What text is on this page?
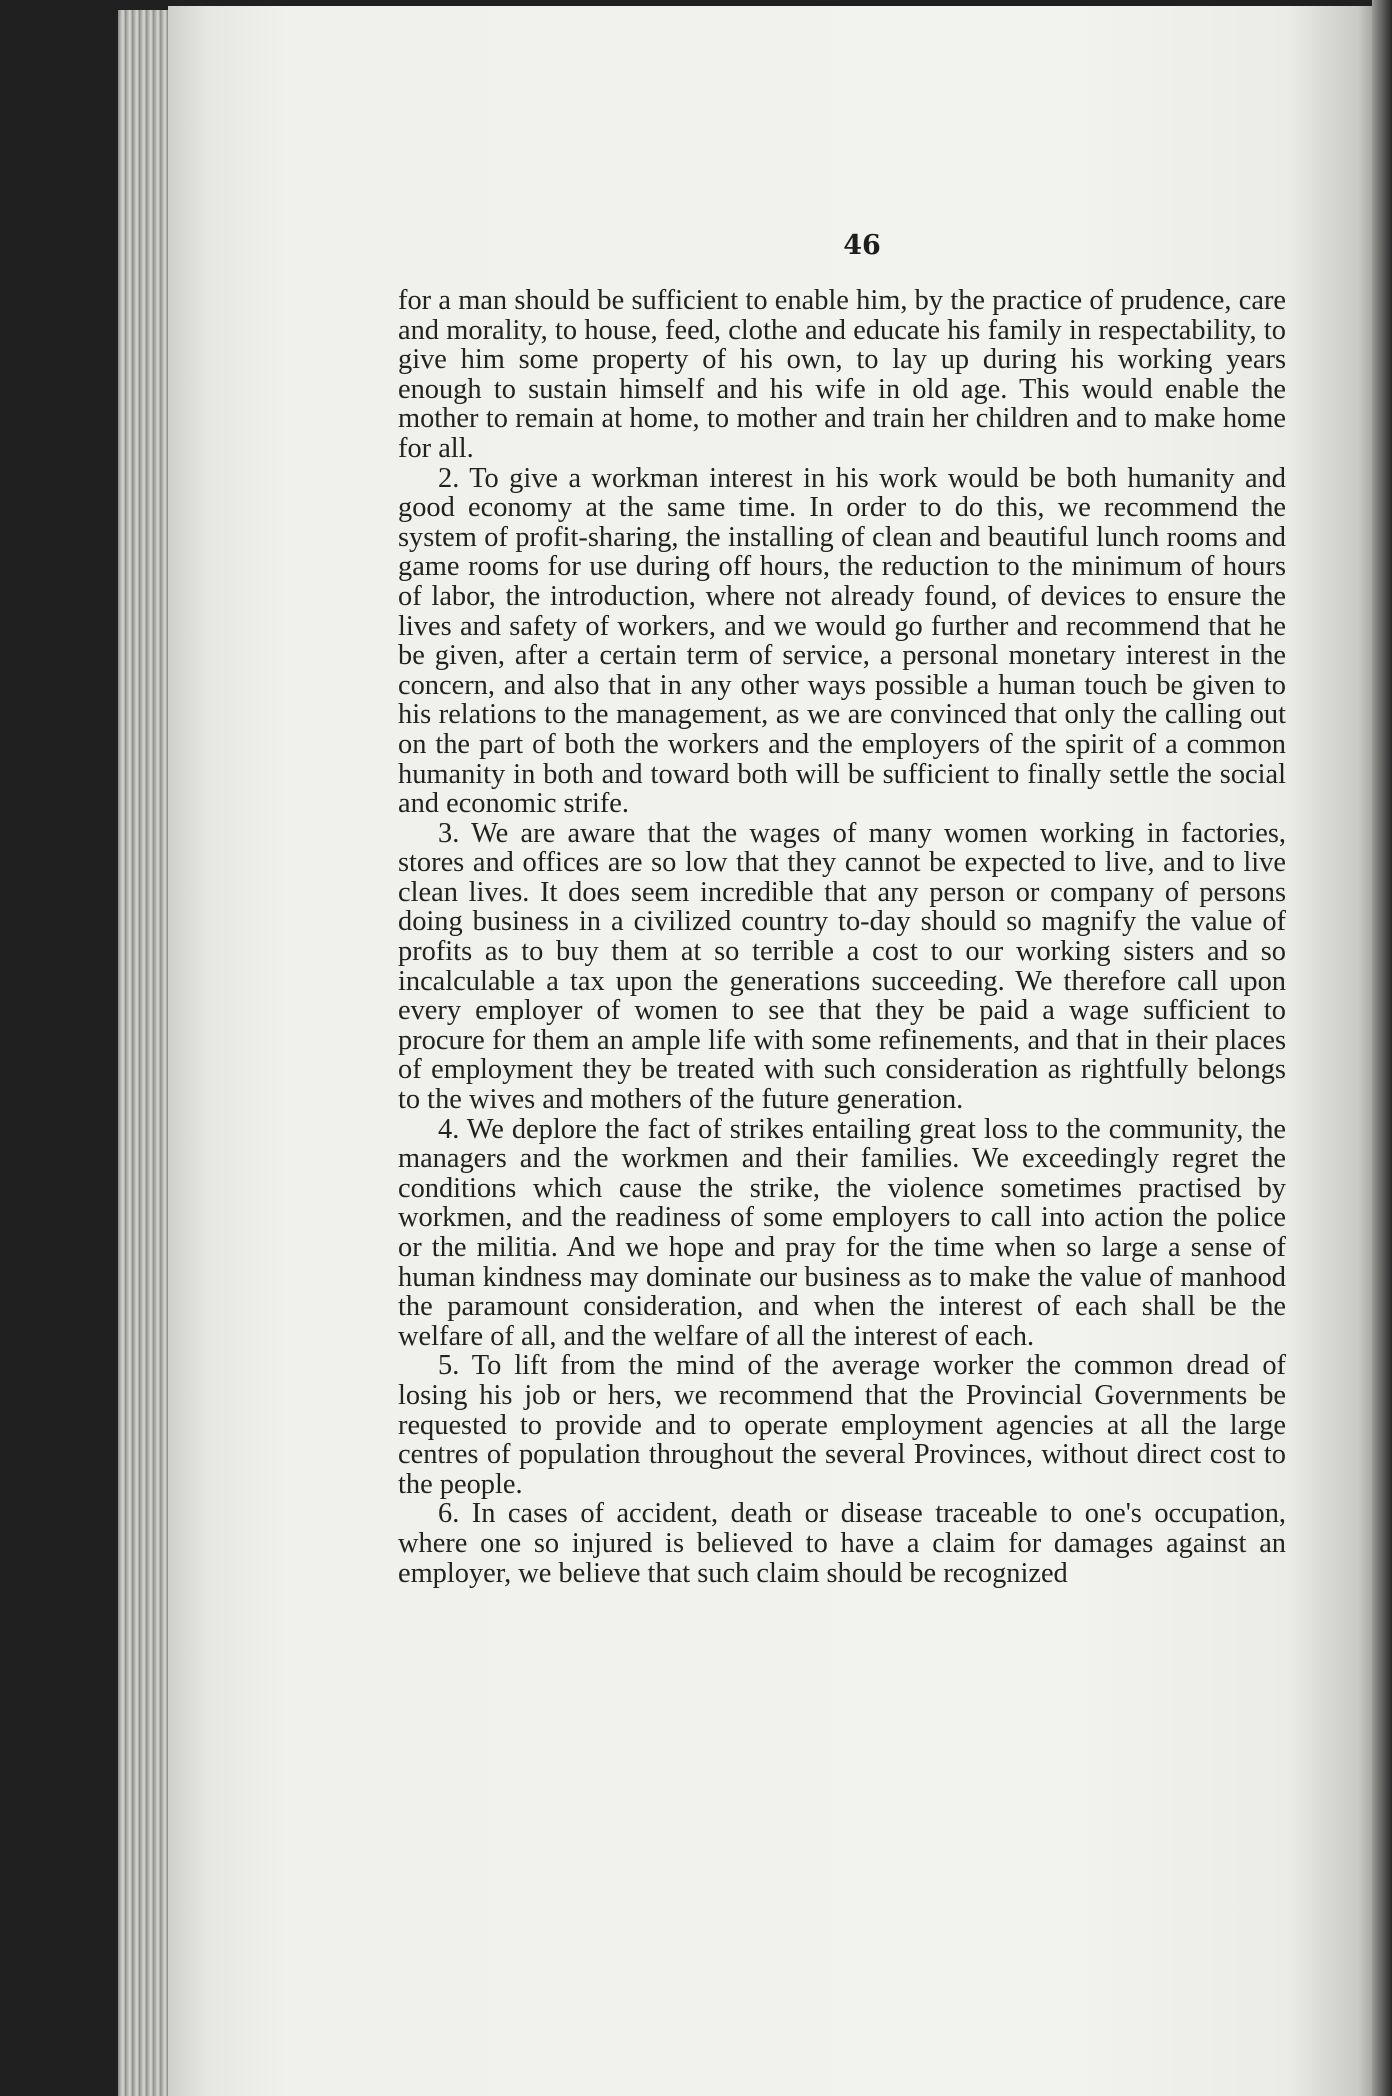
46

for a man should be sufficient to enable him, by the practice of prudence, care and morality, to house, feed, clothe and educate his family in respectability, to give him some property of his own, to lay up during his working years enough to sustain himself and his wife in old age. This would enable the mother to remain at home, to mother and train her children and to make home for all.

2. To give a workman interest in his work would be both humanity and good economy at the same time. In order to do this, we recommend the system of profit-sharing, the installing of clean and beautiful lunch rooms and game rooms for use during off hours, the reduction to the minimum of hours of labor, the introduction, where not already found, of devices to ensure the lives and safety of workers, and we would go further and recommend that he be given, after a certain term of service, a personal monetary interest in the concern, and also that in any other ways possible a human touch be given to his relations to the management, as we are convinced that only the calling out on the part of both the workers and the employers of the spirit of a common humanity in both and toward both will be sufficient to finally settle the social and economic strife.

3. We are aware that the wages of many women working in factories, stores and offices are so low that they cannot be expected to live, and to live clean lives. It does seem incredible that any person or company of persons doing business in a civilized country to-day should so magnify the value of profits as to buy them at so terrible a cost to our working sisters and so incalculable a tax upon the generations succeeding. We therefore call upon every employer of women to see that they be paid a wage sufficient to procure for them an ample life with some refinements, and that in their places of employment they be treated with such consideration as rightfully belongs to the wives and mothers of the future generation.

4. We deplore the fact of strikes entailing great loss to the community, the managers and the workmen and their families. We exceedingly regret the conditions which cause the strike, the violence sometimes practised by workmen, and the readiness of some employers to call into action the police or the militia. And we hope and pray for the time when so large a sense of human kindness may dominate our business as to make the value of manhood the paramount consideration, and when the interest of each shall be the welfare of all, and the welfare of all the interest of each.

5. To lift from the mind of the average worker the common dread of losing his job or hers, we recommend that the Provincial Governments be requested to provide and to operate employment agencies at all the large centres of population throughout the several Provinces, without direct cost to the people.

6. In cases of accident, death or disease traceable to one's occupation, where one so injured is believed to have a claim for damages against an employer, we believe that such claim should be recognized
